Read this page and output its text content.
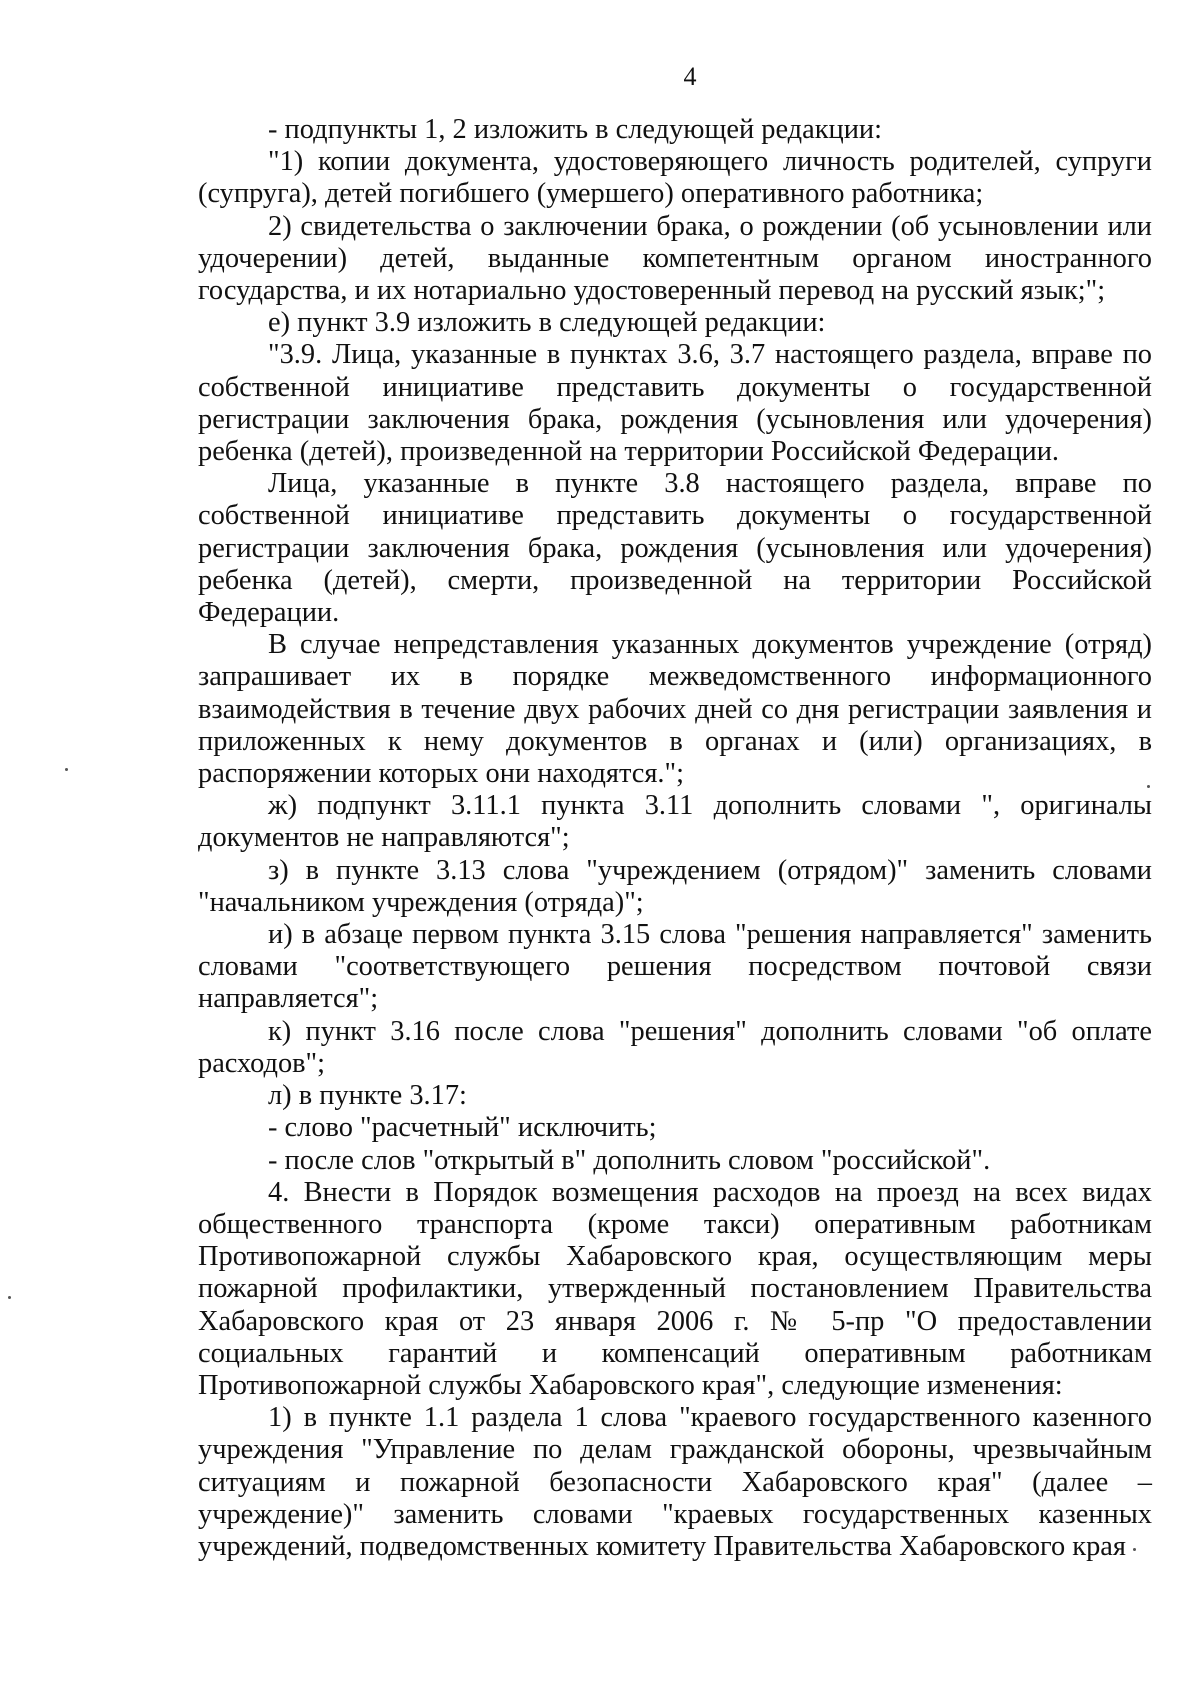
4

- подпункты 1, 2 изложить в следующей редакции:

"1) копии документа, удостоверяющего личность родителей, супруги (супруга), детей погибшего (умершего) оперативного работника;

2) свидетельства о заключении брака, о рождении (об усыновлении или удочерении) детей, выданные компетентным органом иностранного государства, и их нотариально удостоверенный перевод на русский язык;";

е) пункт 3.9 изложить в следующей редакции:

"3.9. Лица, указанные в пунктах 3.6, 3.7 настоящего раздела, вправе по собственной инициативе представить документы о государственной регистрации заключения брака, рождения (усыновления или удочерения) ребенка (детей), произведенной на территории Российской Федерации.

Лица, указанные в пункте 3.8 настоящего раздела, вправе по собственной инициативе представить документы о государственной регистрации заключения брака, рождения (усыновления или удочерения) ребенка (детей), смерти, произведенной на территории Российской Федерации.

В случае непредставления указанных документов учреждение (отряд) запрашивает их в порядке межведомственного информационного взаимодействия в течение двух рабочих дней со дня регистрации заявления и приложенных к нему документов в органах и (или) организациях, в распоряжении которых они находятся.";

ж) подпункт 3.11.1 пункта 3.11 дополнить словами ", оригиналы документов не направляются";

з) в пункте 3.13 слова "учреждением (отрядом)" заменить словами "начальником учреждения (отряда)";

и) в абзаце первом пункта 3.15 слова "решения направляется" заменить словами "соответствующего решения посредством почтовой связи направляется";

к) пункт 3.16 после слова "решения" дополнить словами "об оплате расходов";

л) в пункте 3.17:

- слово "расчетный" исключить;

- после слов "открытый в" дополнить словом "российской".

4. Внести в Порядок возмещения расходов на проезд на всех видах общественного транспорта (кроме такси) оперативным работникам Противопожарной службы Хабаровского края, осуществляющим меры пожарной профилактики, утвержденный постановлением Правительства Хабаровского края от 23 января 2006 г. № 5-пр "О предоставлении социальных гарантий и компенсаций оперативным работникам Противопожарной службы Хабаровского края", следующие изменения:

1) в пункте 1.1 раздела 1 слова "краевого государственного казенного учреждения "Управление по делам гражданской обороны, чрезвычайным ситуациям и пожарной безопасности Хабаровского края" (далее – учреждение)" заменить словами "краевых государственных казенных учреждений, подведомственных комитету Правительства Хабаровского края
